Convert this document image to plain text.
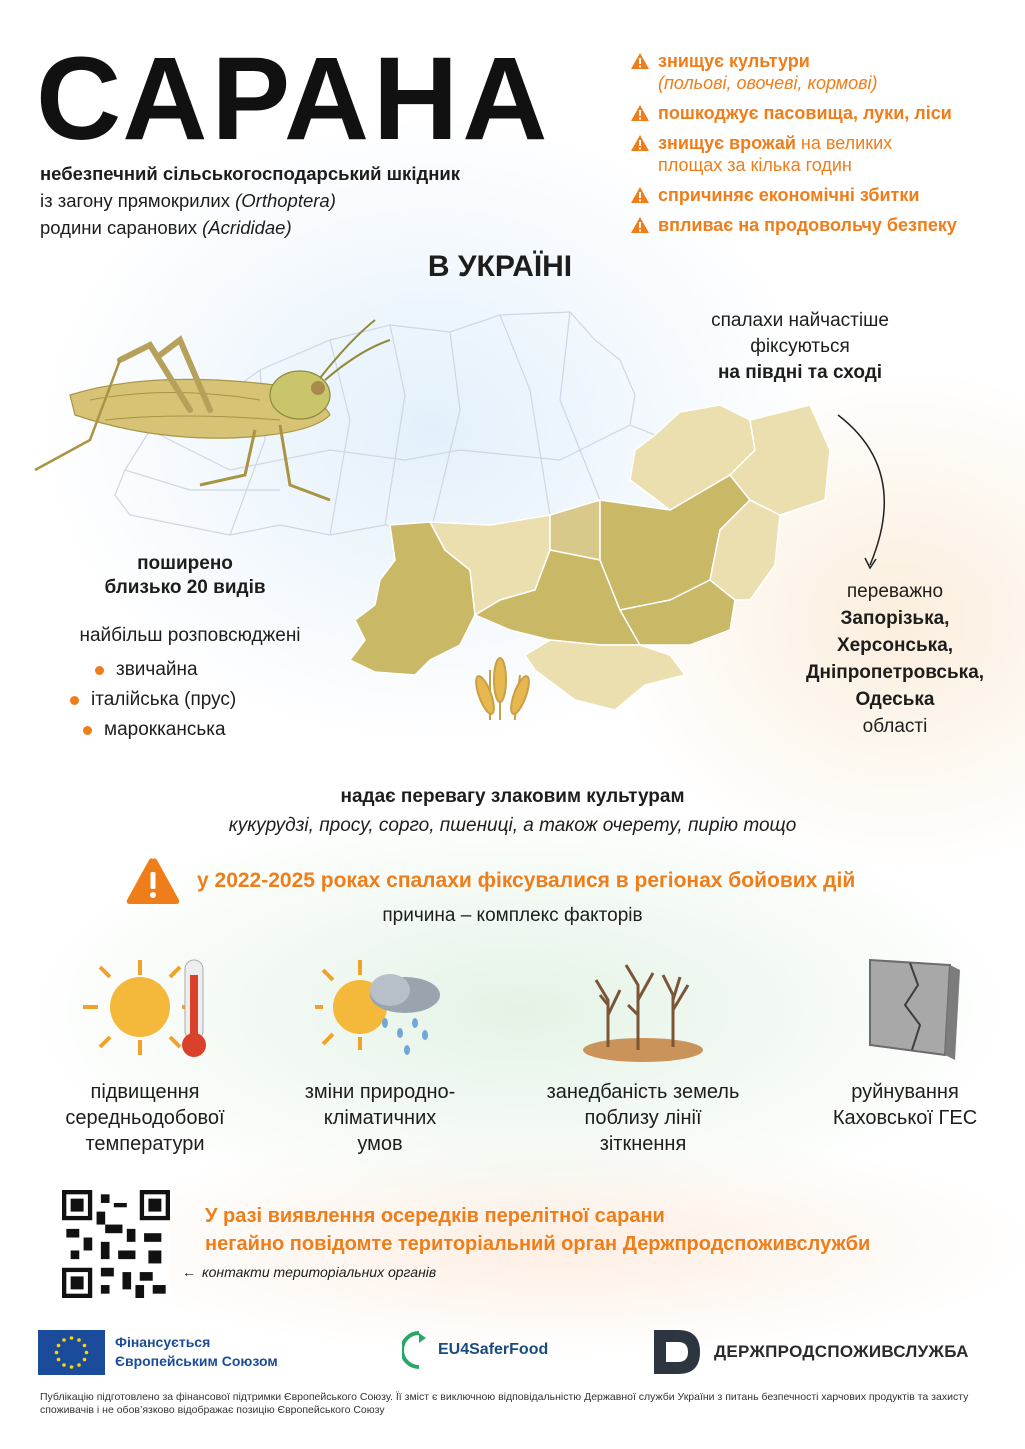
САРАНА
небезпечний сільськогосподарський шкідник
із загону прямокрилих (Orthoptera)
родини саранових (Acrididae)
знищує культури
(польові, овочеві, кормові)
пошкоджує пасовища, луки, ліси
знищує врожай на великих площах за кілька годин
спричиняє економічні збитки
впливає на продовольчу безпеку
В УКРАЇНІ
поширено
близько 20 видів
найбільш розповсюджені
звичайна
італійська (прус)
марокканська
спалахи найчастіше
фіксуються
на півдні та сході
переважно
Запорізька,
Херсонська,
Дніпропетровська,
Одеська
області
надає перевагу злаковим культурам
кукурудзі, просу, сорго, пшениці, а також очерету, пирію тощо
у 2022-2025 роках спалахи фіксувалися в регіонах бойових дій
причина – комплекс факторів
підвищення
середньодобової
температури
зміни природно-
кліматичних
умов
занедбаність земель
поблизу лінії
зіткнення
руйнування
Каховської ГЕС
У разі виявлення осередків перелітної сарани
негайно повідомте територіальний орган Держпродспоживслужби
← контакти територіальних органів
Фінансується
Європейським Союзом
EU4SaferFood	ДЕРЖПРОДСПОЖИВСЛУЖБА
Публікацію підготовлено за фінансової підтримки Європейського Союзу. Її зміст є виключною відповідальністю Державної служби України з питань безпечності харчових продуктів та захисту споживачів і не обов’язково відображає позицію Європейського Союзу
